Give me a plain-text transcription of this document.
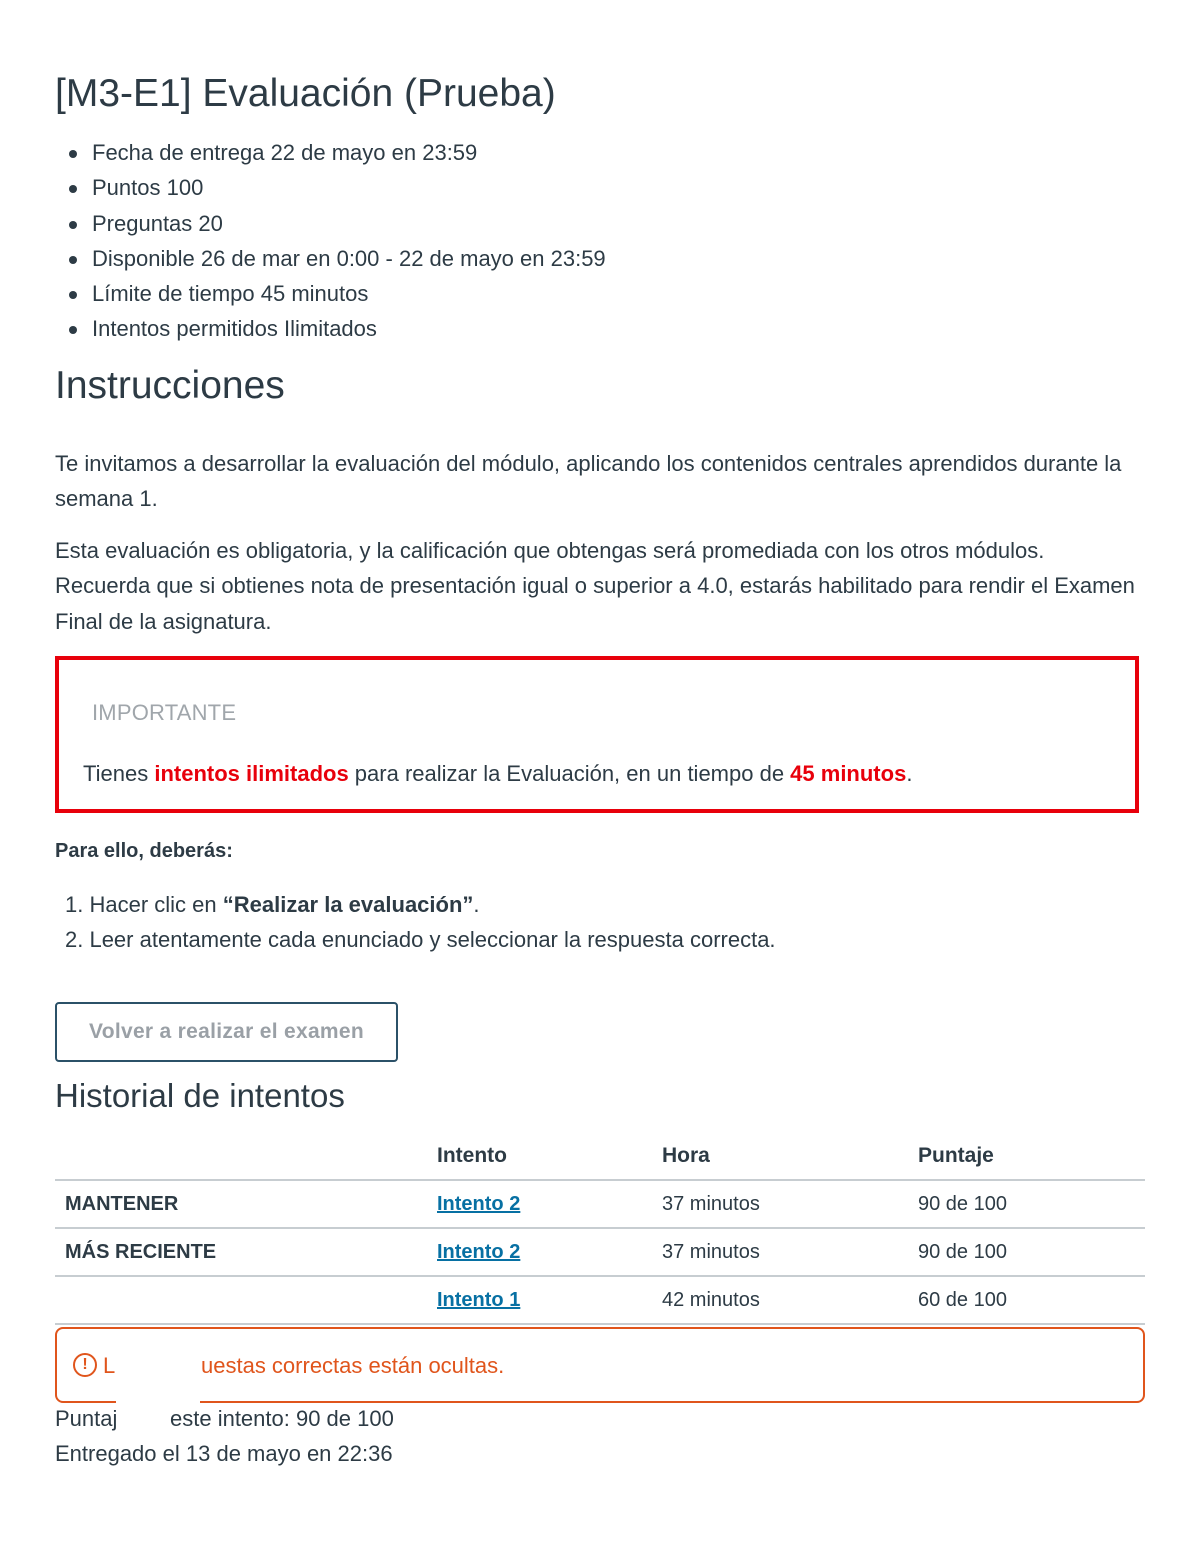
[M3-E1] Evaluación (Prueba)
Fecha de entrega 22 de mayo en 23:59
Puntos 100
Preguntas 20
Disponible 26 de mar en 0:00 - 22 de mayo en 23:59
Límite de tiempo 45 minutos
Intentos permitidos Ilimitados
Instrucciones

Te invitamos a desarrollar la evaluación del módulo, aplicando los contenidos centrales aprendidos durante la semana 1.

Esta evaluación es obligatoria, y la calificación que obtengas será promediada con los otros módulos. Recuerda que si obtienes nota de presentación igual o superior a 4.0, estarás habilitado para rendir el Examen Final de la asignatura.

IMPORTANTE
Tienes intentos ilimitados para realizar la Evaluación, en un tiempo de 45 minutos.
Para ello, deberás:
1. Hacer clic en “Realizar la evaluación”.
2. Leer atentamente cada enunciado y seleccionar la respuesta correcta.
Volver a realizar el examen
Historial de intentos
	Intento	Hora	Puntaje
MANTENER	Intento 2	37 minutos	90 de 100
MÁS RECIENTE	Intento 2	37 minutos	90 de 100
	Intento 1	42 minutos	60 de 100
! L	uestas correctas están ocultas.
Puntaj este intento: 90 de 100
Entregado el 13 de mayo en 22:36
